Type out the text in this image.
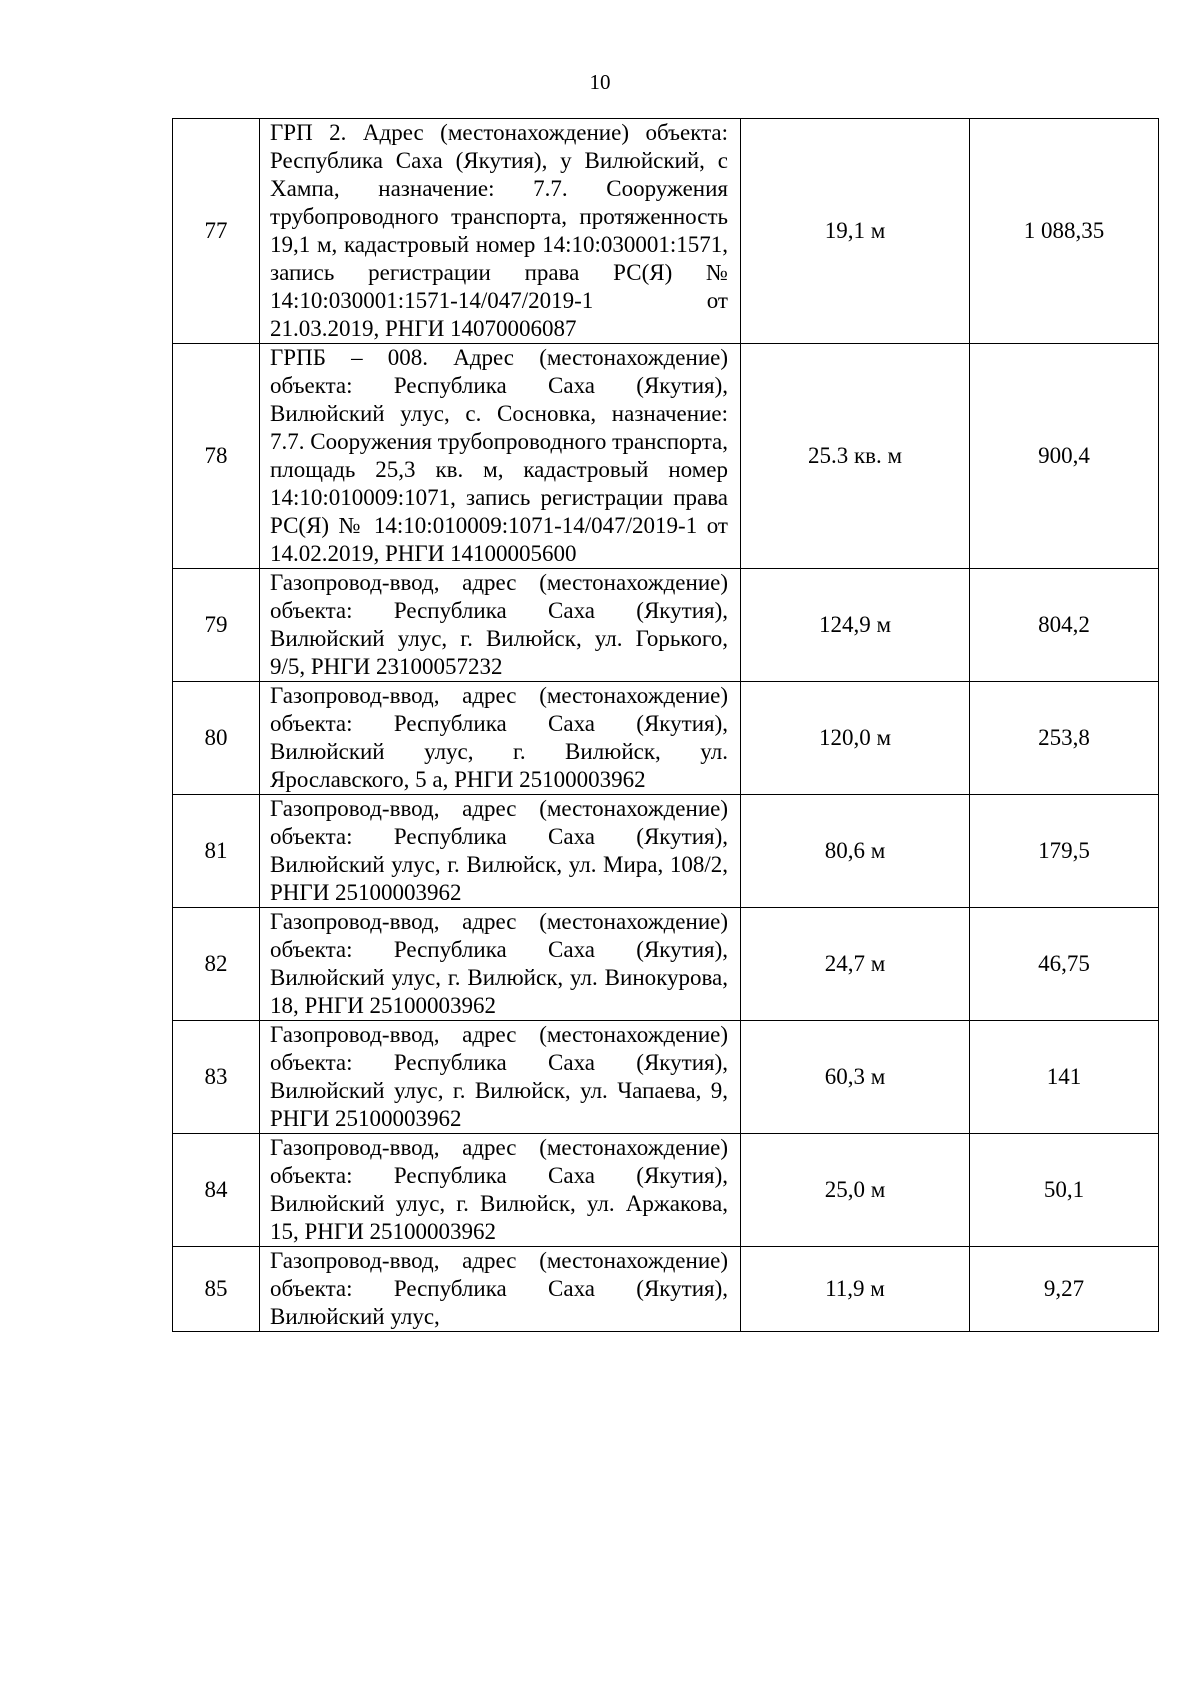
10
77	ГРП 2. Адрес (местонахождение) объекта: Республика Саха (Якутия), у Вилюйский, с Хампа, назначение: 7.7. Сооружения трубопроводного транспорта, протяженность 19,1 м, кадастровый номер 14:10:030001:1571, запись регистрации права РС(Я) № 14:10:030001:1571-14/047/2019-1 от 21.03.2019, РНГИ 14070006087	19,1 м	1 088,35
78	ГРПБ – 008. Адрес (местонахождение) объекта: Республика Саха (Якутия), Вилюйский улус, с. Сосновка, назначение: 7.7. Сооружения трубопроводного транспорта, площадь 25,3 кв. м, кадастровый номер 14:10:010009:1071, запись регистрации права РС(Я) № 14:10:010009:1071-14/047/2019-1 от 14.02.2019, РНГИ 14100005600	25.3 кв. м	900,4
79	Газопровод-ввод, адрес (местонахождение) объекта: Республика Саха (Якутия), Вилюйский улус, г. Вилюйск, ул. Горького, 9/5, РНГИ 23100057232	124,9 м	804,2
80	Газопровод-ввод, адрес (местонахождение) объекта: Республика Саха (Якутия), Вилюйский улус, г. Вилюйск, ул. Ярославского, 5 а, РНГИ 25100003962	120,0 м	253,8
81	Газопровод-ввод, адрес (местонахождение) объекта: Республика Саха (Якутия), Вилюйский улус, г. Вилюйск, ул. Мира, 108/2, РНГИ 25100003962	80,6 м	179,5
82	Газопровод-ввод, адрес (местонахождение) объекта: Республика Саха (Якутия), Вилюйский улус, г. Вилюйск, ул. Винокурова, 18, РНГИ 25100003962	24,7 м	46,75
83	Газопровод-ввод, адрес (местонахождение) объекта: Республика Саха (Якутия), Вилюйский улус, г. Вилюйск, ул. Чапаева, 9, РНГИ 25100003962	60,3 м	141
84	Газопровод-ввод, адрес (местонахождение) объекта: Республика Саха (Якутия), Вилюйский улус, г. Вилюйск, ул. Аржакова, 15, РНГИ 25100003962	25,0 м	50,1
85	Газопровод-ввод, адрес (местонахождение) объекта: Республика Саха (Якутия), Вилюйский улус,	11,9 м	9,27
